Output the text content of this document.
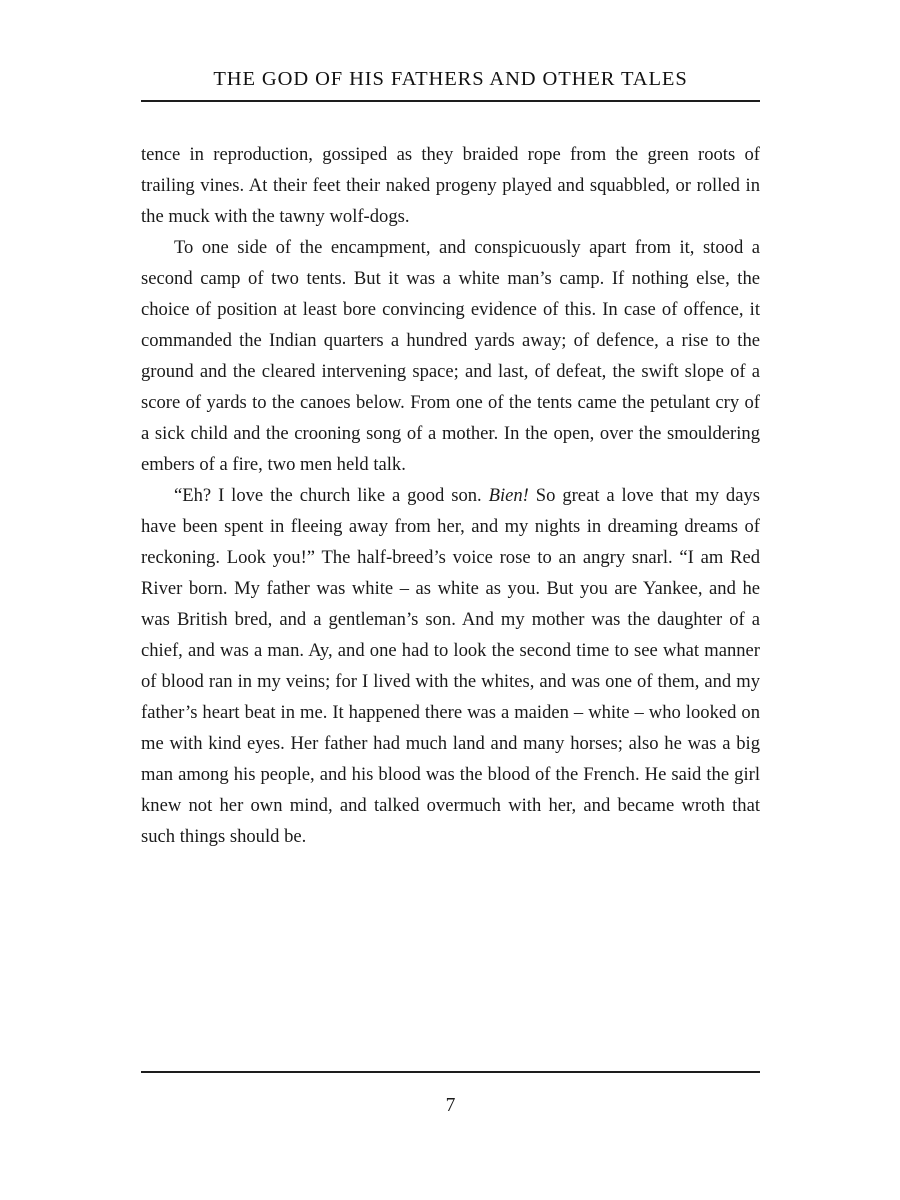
THE GOD OF HIS FATHERS AND OTHER TALES

tence in reproduction, gossiped as they braided rope from the green roots of trailing vines. At their feet their naked progeny played and squabbled, or rolled in the muck with the tawny wolf-dogs.

To one side of the encampment, and conspicuously apart from it, stood a second camp of two tents. But it was a white man’s camp. If nothing else, the choice of position at least bore convincing evidence of this. In case of offence, it commanded the Indian quarters a hundred yards away; of defence, a rise to the ground and the cleared intervening space; and last, of defeat, the swift slope of a score of yards to the canoes below. From one of the tents came the petulant cry of a sick child and the crooning song of a mother. In the open, over the smouldering embers of a fire, two men held talk.

“Eh? I love the church like a good son. Bien! So great a love that my days have been spent in fleeing away from her, and my nights in dreaming dreams of reckoning. Look you!” The half-breed’s voice rose to an angry snarl. “I am Red River born. My father was white – as white as you. But you are Yankee, and he was British bred, and a gentleman’s son. And my mother was the daughter of a chief, and was a man. Ay, and one had to look the second time to see what manner of blood ran in my veins; for I lived with the whites, and was one of them, and my father’s heart beat in me. It happened there was a maiden – white – who looked on me with kind eyes. Her father had much land and many horses; also he was a big man among his people, and his blood was the blood of the French. He said the girl knew not her own mind, and talked overmuch with her, and became wroth that such things should be.

7
